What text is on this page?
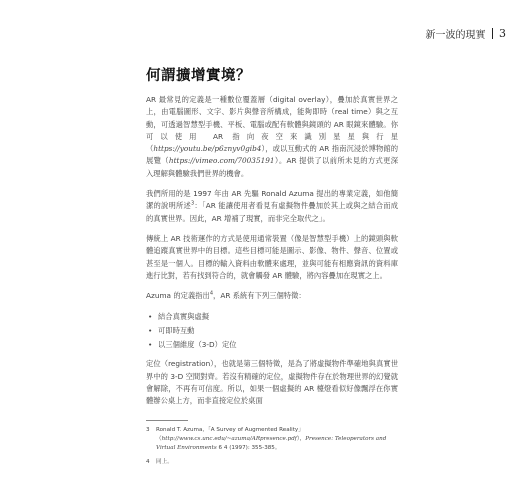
新一波的現實 3
何謂擴增實境？

AR 最常見的定義是一種數位覆蓋層（digital overlay），疊加於真實世界之上，由電腦圖形、文字、影片與聲音所構成，能夠即時（real time）與之互動，可透過智慧型手機、平板、電腦或配有軟體與鏡頭的 AR 眼鏡來體驗。你可以使用 AR 指向夜空來識別星星與行星（https://youtu.be/p6znyv0gib4），或以互動式的 AR 指南沉浸於博物館的展覽（https://vimeo.com/70035191）。AR 提供了以前所未見的方式更深入理解與體驗我們世界的機會。

我們所用的是 1997 年由 AR 先驅 Ronald Azuma 提出的專業定義，如他簡潔的說明所述$^3$：「AR 能讓使用者看見有虛擬物件疊加於其上或與之結合而成的真實世界。因此，AR 增補了現實，而非完全取代之」。

傳統上 AR 技術運作的方式是使用通常裝置（像是智慧型手機）上的鏡頭與軟體追蹤真實世界中的目標。這些目標可能是圖示、影像、物件、聲音、位置或甚至是一個人。目標的輸入資料由軟體來處理，並與可能有相應資訊的資料庫進行比對，若有找到符合的，就會觸發 AR 體驗，將內容疊加在現實之上。

Azuma 的定義指出$^4$，AR 系統有下列三個特徵：

• 結合真實與虛擬
• 可即時互動
• 以三個維度（3-D）定位

定位（registration），也就是第三個特徵，是為了將虛擬物件準確地與真實世界中的 3-D 空間對齊。若沒有精確的定位，虛擬物件存在於物理世界的幻覺就會解除，不再有可信度。所以，如果一個虛擬的 AR 檯燈看似好像飄浮在你實體辦公桌上方，而非直接定位於桌面

3	Ronald T. Azuma，「A Survey of Augmented Reality」（http://www.cs.unc.edu/~azuma/ARpresence.pdf），Presence: Teleoperators and Virtual Environments 6 4 (1997): 355-385。
4	同上。
